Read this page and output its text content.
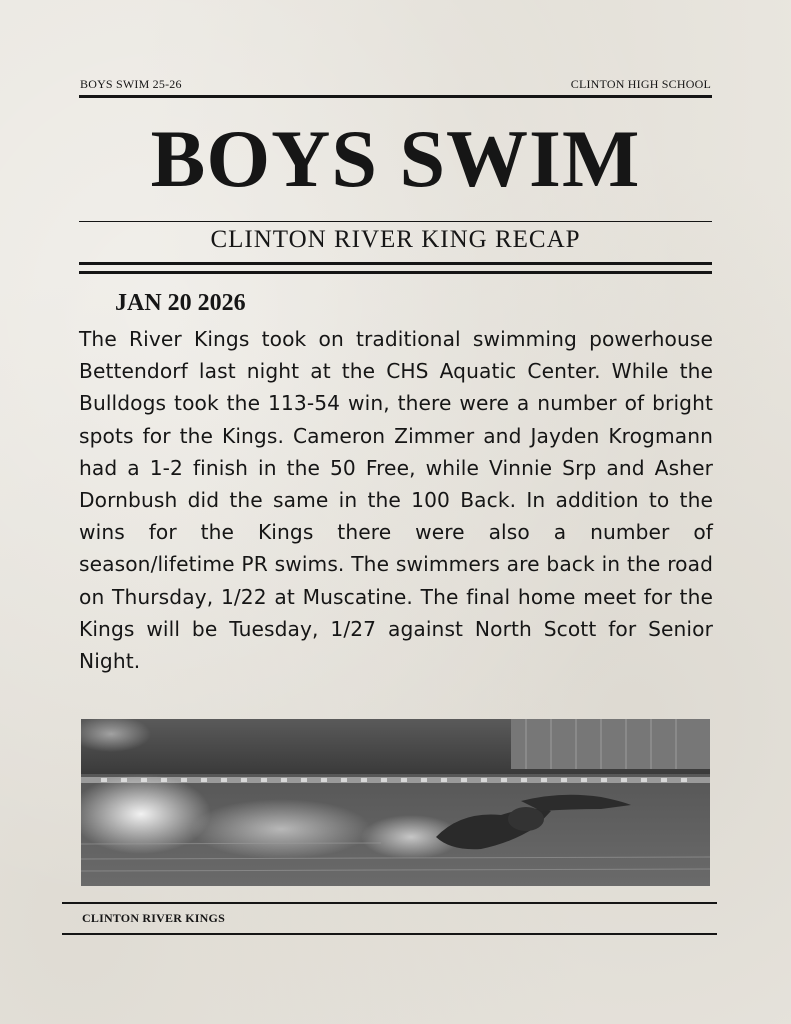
BOYS SWIM 25-26	CLINTON HIGH SCHOOL
BOYS SWIM
CLINTON RIVER KING RECAP
JAN 20 2026
The River Kings took on traditional swimming powerhouse Bettendorf last night at the CHS Aquatic Center. While the Bulldogs took the 113-54 win, there were a number of bright spots for the Kings. Cameron Zimmer and Jayden Krogmann had a 1-2 finish in the 50 Free, while Vinnie Srp and Asher Dornbush did the same in the 100 Back. In addition to the wins for the Kings there were also a number of season/lifetime PR swims. The swimmers are back in the road on Thursday, 1/22 at Muscatine. The final home meet for the Kings will be Tuesday, 1/27 against North Scott for Senior Night.
CLINTON RIVER KINGS
